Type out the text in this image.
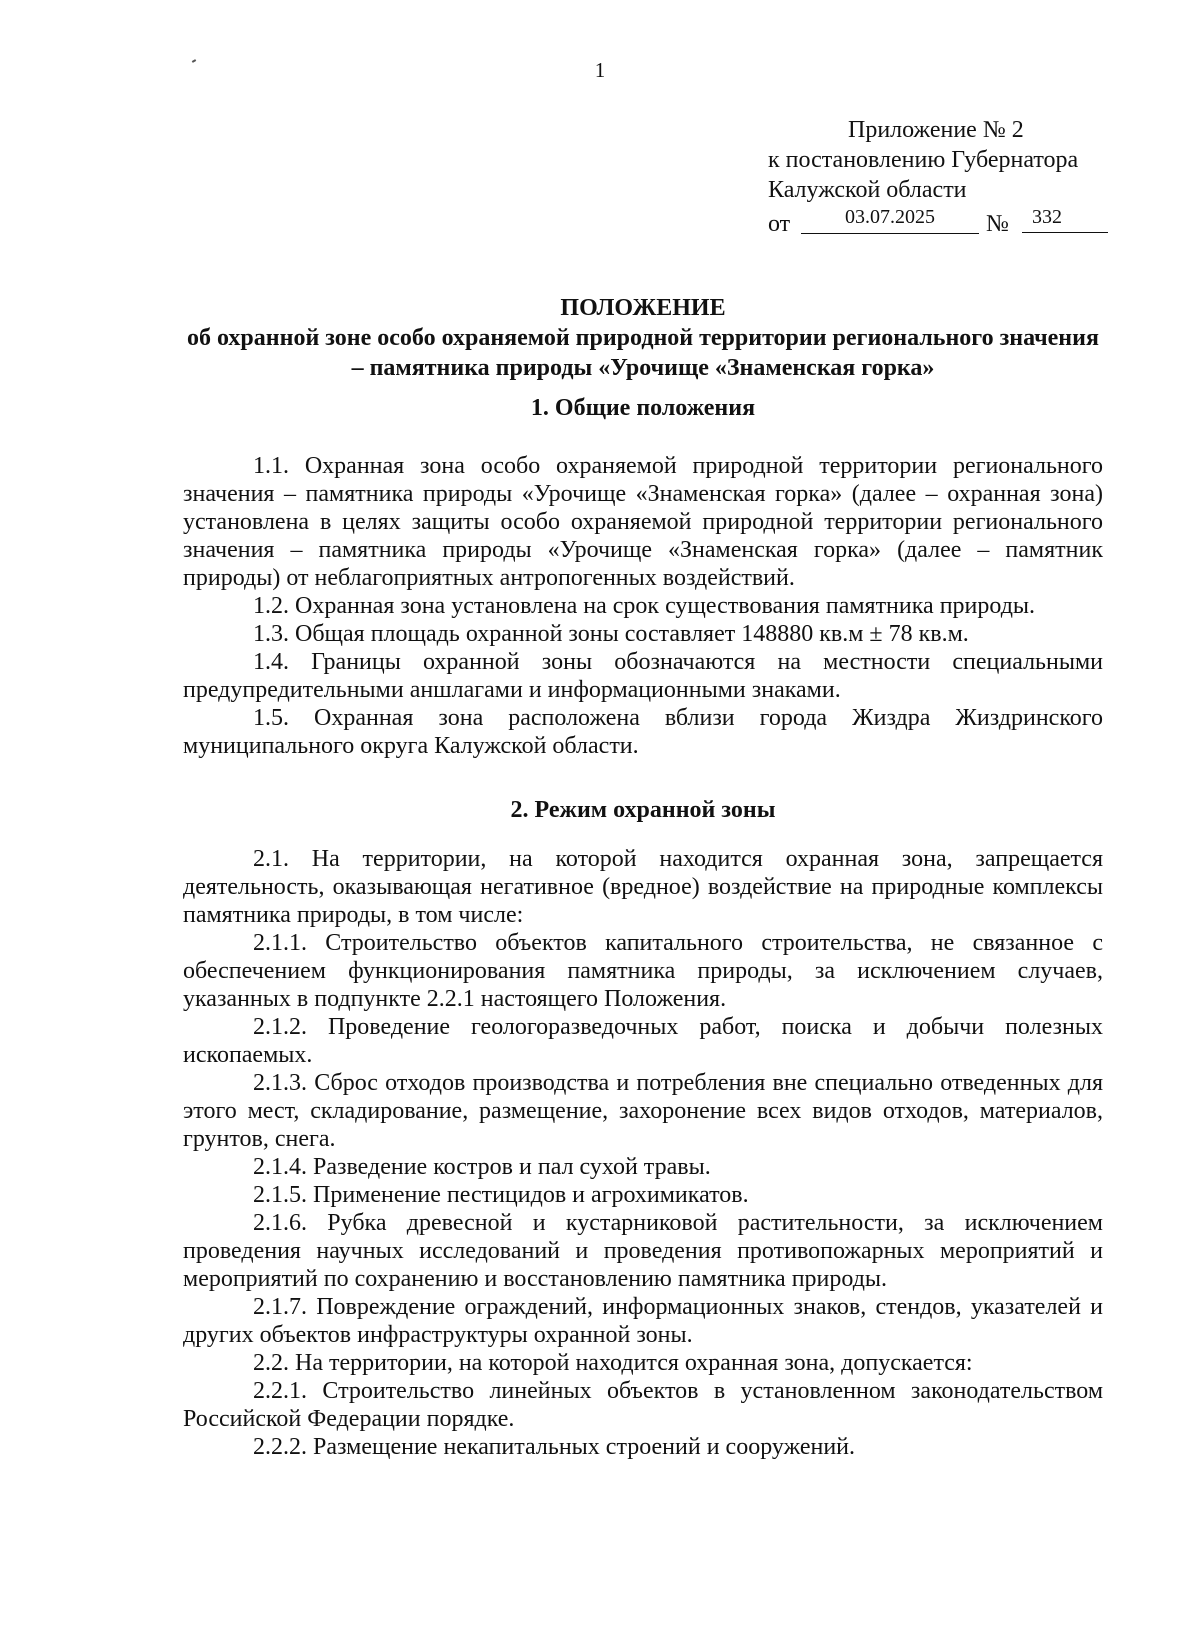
1
Приложение № 2
к постановлению Губернатора
Калужской области
от	03.07.2025	№	332
ПОЛОЖЕНИЕ
об охранной зоне особо охраняемой природной территории регионального значения – памятника природы «Урочище «Знаменская горка»
1. Общие положения

1.1. Охранная зона особо охраняемой природной территории регионального значения – памятника природы «Урочище «Знаменская горка» (далее – охранная зона) установлена в целях защиты особо охраняемой природной территории регионального значения – памятника природы «Урочище «Знаменская горка» (далее – памятник природы) от неблагоприятных антропогенных воздействий.

1.2. Охранная зона установлена на срок существования памятника природы.

1.3. Общая площадь охранной зоны составляет 148880 кв.м ± 78 кв.м.

1.4. Границы охранной зоны обозначаются на местности специальными предупредительными аншлагами и информационными знаками.

1.5. Охранная зона расположена вблизи города Жиздра Жиздринского муниципального округа Калужской области.

2. Режим охранной зоны

2.1. На территории, на которой находится охранная зона, запрещается деятельность, оказывающая негативное (вредное) воздействие на природные комплексы памятника природы, в том числе:

2.1.1. Строительство объектов капитального строительства, не связанное с обеспечением функционирования памятника природы, за исключением случаев, указанных в подпункте 2.2.1 настоящего Положения.

2.1.2. Проведение геологоразведочных работ, поиска и добычи полезных ископаемых.

2.1.3. Сброс отходов производства и потребления вне специально отведенных для этого мест, складирование, размещение, захоронение всех видов отходов, материалов, грунтов, снега.

2.1.4. Разведение костров и пал сухой травы.

2.1.5. Применение пестицидов и агрохимикатов.

2.1.6. Рубка древесной и кустарниковой растительности, за исключением проведения научных исследований и проведения противопожарных мероприятий и мероприятий по сохранению и восстановлению памятника природы.

2.1.7. Повреждение ограждений, информационных знаков, стендов, указателей и других объектов инфраструктуры охранной зоны.

2.2. На территории, на которой находится охранная зона, допускается:

2.2.1. Строительство линейных объектов в установленном законодательством Российской Федерации порядке.

2.2.2. Размещение некапитальных строений и сооружений.
